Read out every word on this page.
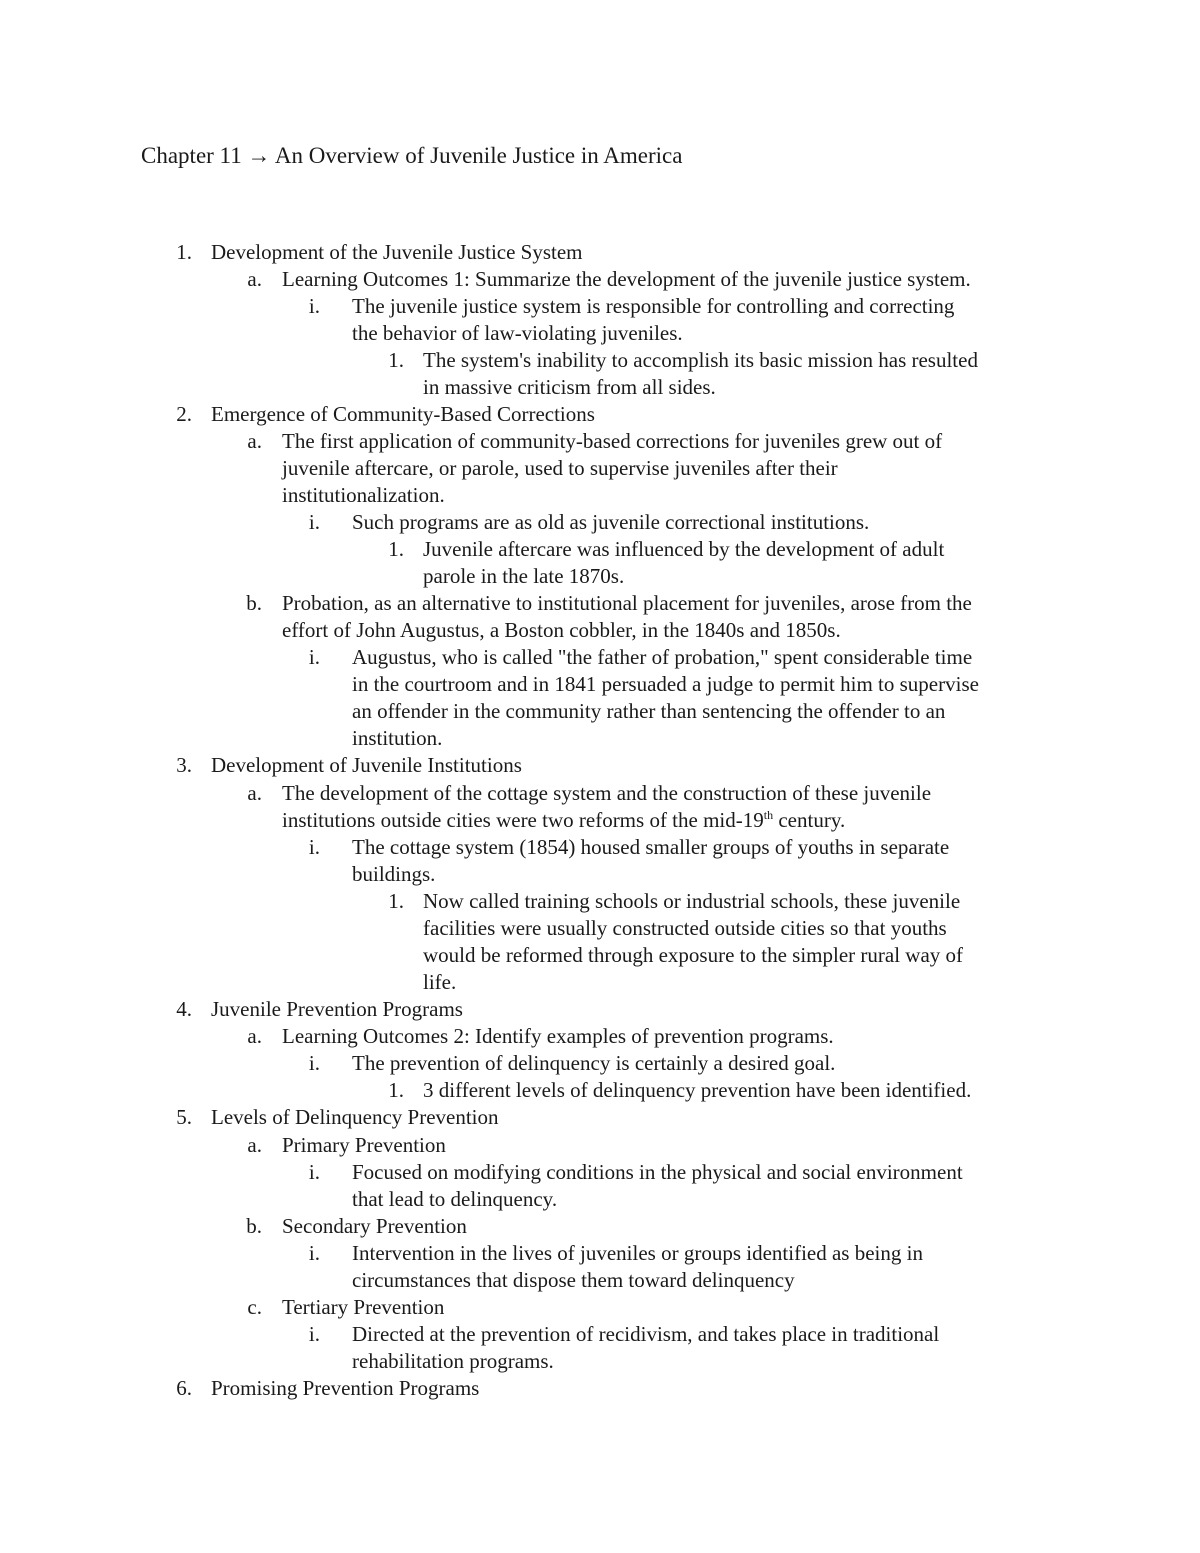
Chapter 11 → An Overview of Juvenile Justice in America
1. Development of the Juvenile Justice System
a. Learning Outcomes 1: Summarize the development of the juvenile justice system.
i. The juvenile justice system is responsible for controlling and correcting
the behavior of law-violating juveniles.
1. The system's inability to accomplish its basic mission has resulted
in massive criticism from all sides.
2. Emergence of Community-Based Corrections
a. The first application of community-based corrections for juveniles grew out of
juvenile aftercare, or parole, used to supervise juveniles after their
institutionalization.
i. Such programs are as old as juvenile correctional institutions.
1. Juvenile aftercare was influenced by the development of adult
parole in the late 1870s.
b. Probation, as an alternative to institutional placement for juveniles, arose from the
effort of John Augustus, a Boston cobbler, in the 1840s and 1850s.
i. Augustus, who is called "the father of probation," spent considerable time
in the courtroom and in 1841 persuaded a judge to permit him to supervise
an offender in the community rather than sentencing the offender to an
institution.
3. Development of Juvenile Institutions
a. The development of the cottage system and the construction of these juvenile
institutions outside cities were two reforms of the mid-19th century.
i. The cottage system (1854) housed smaller groups of youths in separate
buildings.
1. Now called training schools or industrial schools, these juvenile
facilities were usually constructed outside cities so that youths
would be reformed through exposure to the simpler rural way of
life.
4. Juvenile Prevention Programs
a. Learning Outcomes 2: Identify examples of prevention programs.
i. The prevention of delinquency is certainly a desired goal.
1. 3 different levels of delinquency prevention have been identified.
5. Levels of Delinquency Prevention
a. Primary Prevention
i. Focused on modifying conditions in the physical and social environment
that lead to delinquency.
b. Secondary Prevention
i. Intervention in the lives of juveniles or groups identified as being in
circumstances that dispose them toward delinquency
c. Tertiary Prevention
i. Directed at the prevention of recidivism, and takes place in traditional
rehabilitation programs.
6. Promising Prevention Programs
